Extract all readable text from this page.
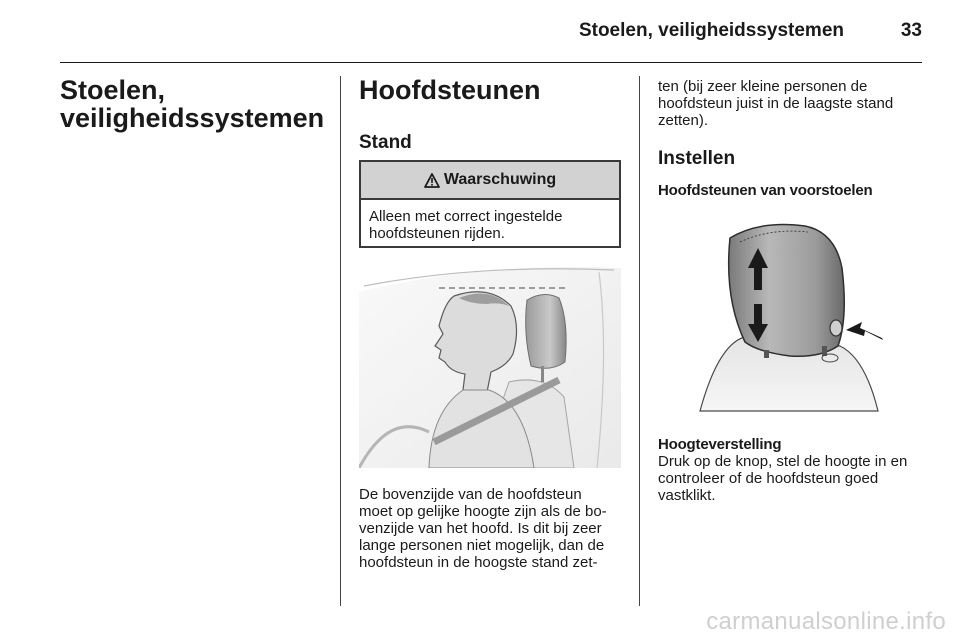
Stoelen, veiligheidssystemen	33
Stoelen,
veiligheidssystemen
Hoofdsteunen
Stand
Waarschuwing
Alleen met correct ingestelde hoofdsteunen rijden.

De bovenzijde van de hoofdsteun

moet op gelijke hoogte zijn als de bo-

venzijde van het hoofd. Is dit bij zeer

lange personen niet mogelijk, dan de

hoofdsteun in de hoogste stand zet-

ten (bij zeer kleine personen de

hoofdsteun juist in de laagste stand

zetten).

Instellen
Hoofdsteunen van voorstoelen
Hoogteverstelling

Druk op de knop, stel de hoogte in en

controleer of de hoofdsteun goed

vastklikt.

carmanualsonline.info
